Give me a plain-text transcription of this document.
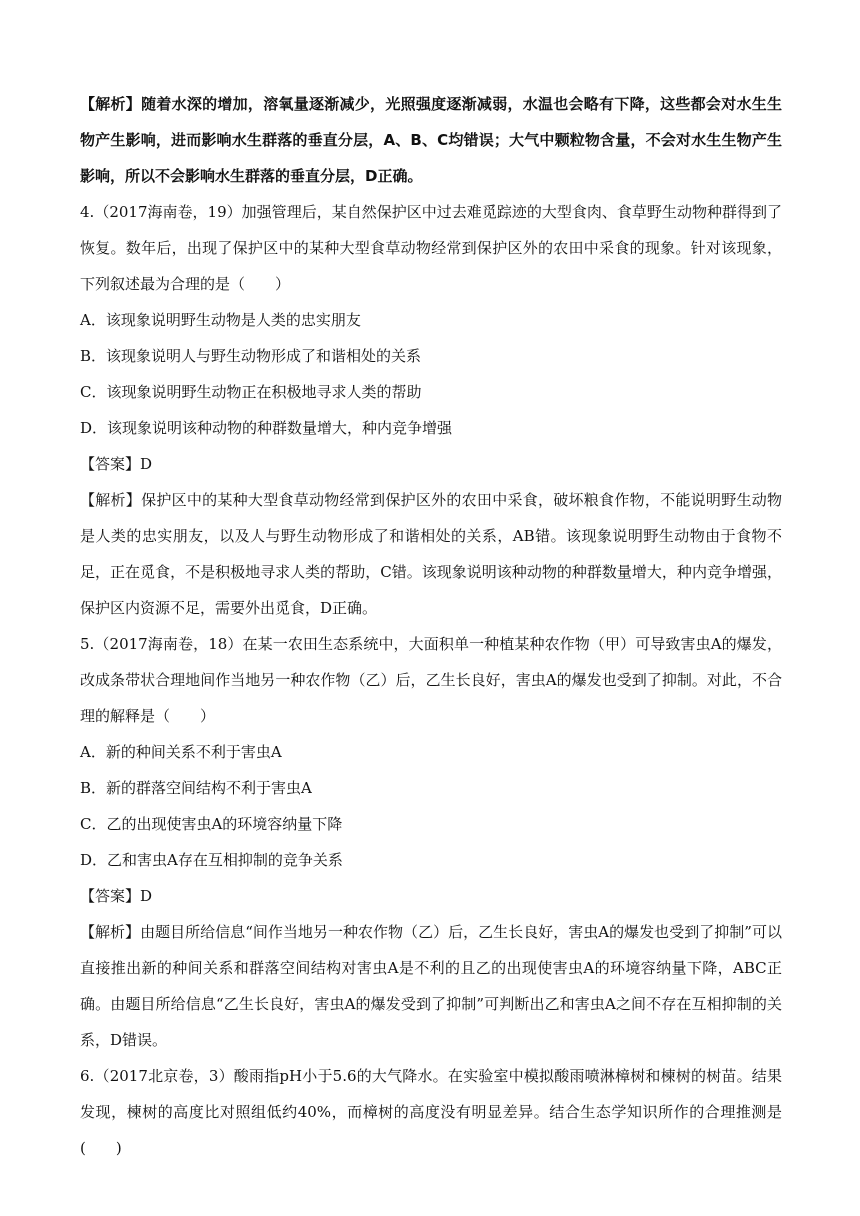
【解析】随着水深的增加，溶氧量逐渐减少，光照强度逐渐减弱，水温也会略有下降，这些都会对水生生物产生影响，进而影响水生群落的垂直分层，A、B、C均错误；大气中颗粒物含量，不会对水生生物产生影响，所以不会影响水生群落的垂直分层，D正确。

4.（2017海南卷，19）加强管理后，某自然保护区中过去难觅踪迹的大型食肉、食草野生动物种群得到了恢复。数年后，出现了保护区中的某种大型食草动物经常到保护区外的农田中采食的现象。针对该现象，下列叙述最为合理的是（　　）

A．该现象说明野生动物是人类的忠实朋友

B．该现象说明人与野生动物形成了和谐相处的关系

C．该现象说明野生动物正在积极地寻求人类的帮助

D．该现象说明该种动物的种群数量增大，种内竞争增强

【答案】D

【解析】保护区中的某种大型食草动物经常到保护区外的农田中采食，破坏粮食作物，不能说明野生动物是人类的忠实朋友，以及人与野生动物形成了和谐相处的关系，AB错。该现象说明野生动物由于食物不足，正在觅食，不是积极地寻求人类的帮助，C错。该现象说明该种动物的种群数量增大，种内竞争增强，保护区内资源不足，需要外出觅食，D正确。

5.（2017海南卷，18）在某一农田生态系统中，大面积单一种植某种农作物（甲）可导致害虫A的爆发，改成条带状合理地间作当地另一种农作物（乙）后，乙生长良好，害虫A的爆发也受到了抑制。对此，不合理的解释是（　　）

A．新的种间关系不利于害虫A

B．新的群落空间结构不利于害虫A

C．乙的出现使害虫A的环境容纳量下降

D．乙和害虫A存在互相抑制的竞争关系

【答案】D

【解析】由题目所给信息“间作当地另一种农作物（乙）后，乙生长良好，害虫A的爆发也受到了抑制”可以直接推出新的种间关系和群落空间结构对害虫A是不利的且乙的出现使害虫A的环境容纳量下降，ABC正确。由题目所给信息“乙生长良好，害虫A的爆发受到了抑制”可判断出乙和害虫A之间不存在互相抑制的关系，D错误。

6.（2017北京卷，3）酸雨指pH小于5.6的大气降水。在实验室中模拟酸雨喷淋樟树和楝树的树苗。结果发现，楝树的高度比对照组低约40%，而樟树的高度没有明显差异。结合生态学知识所作的合理推测是(　　)
